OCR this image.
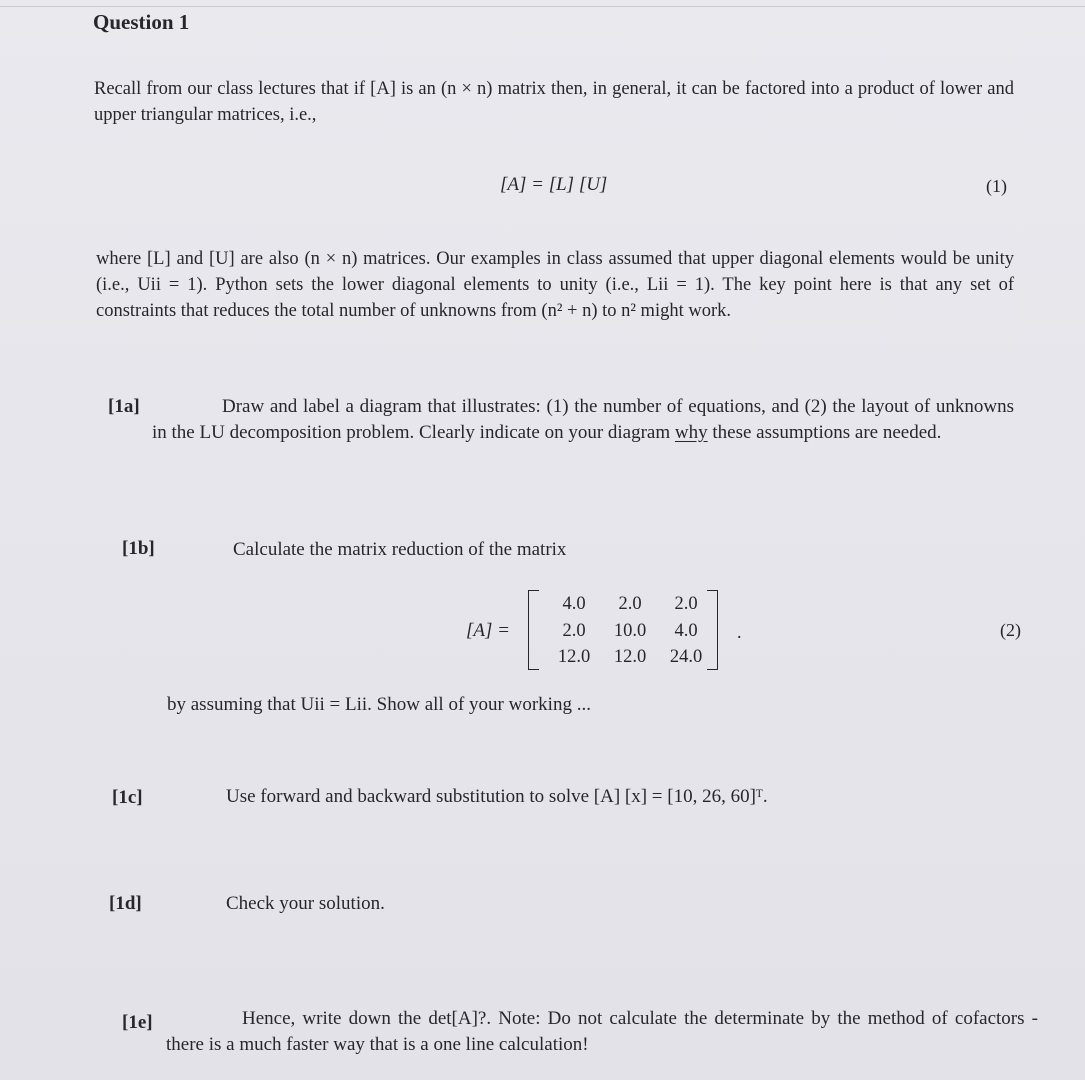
Question 1
Recall from our class lectures that if [A] is an (n × n) matrix then, in general, it can be factored into a product of lower and upper triangular matrices, i.e.,
[A] = [L] [U]	(1)
where [L] and [U] are also (n × n) matrices. Our examples in class assumed that upper diagonal elements would be unity (i.e., Uii = 1). Python sets the lower diagonal elements to unity (i.e., Lii = 1). The key point here is that any set of constraints that reduces the total number of unknowns from (n² + n) to n² might work.
[1a]	Draw and label a diagram that illustrates: (1) the number of equations, and (2) the layout of unknowns in the LU decomposition problem. Clearly indicate on your diagram why these assumptions are needed.
[1b]	Calculate the matrix reduction of the matrix
[A] =
4.0 2.0 2.0
2.0 10.0 4.0
12.0 12.0 24.0
.	(2)
by assuming that Uii = Lii. Show all of your working ...
[1c]	Use forward and backward substitution to solve [A] [x] = [10, 26, 60]ᵀ.
[1d]	Check your solution.
[1e]	Hence, write down the det[A]?. Note: Do not calculate the determinate by the method of cofactors - there is a much faster way that is a one line calculation!
